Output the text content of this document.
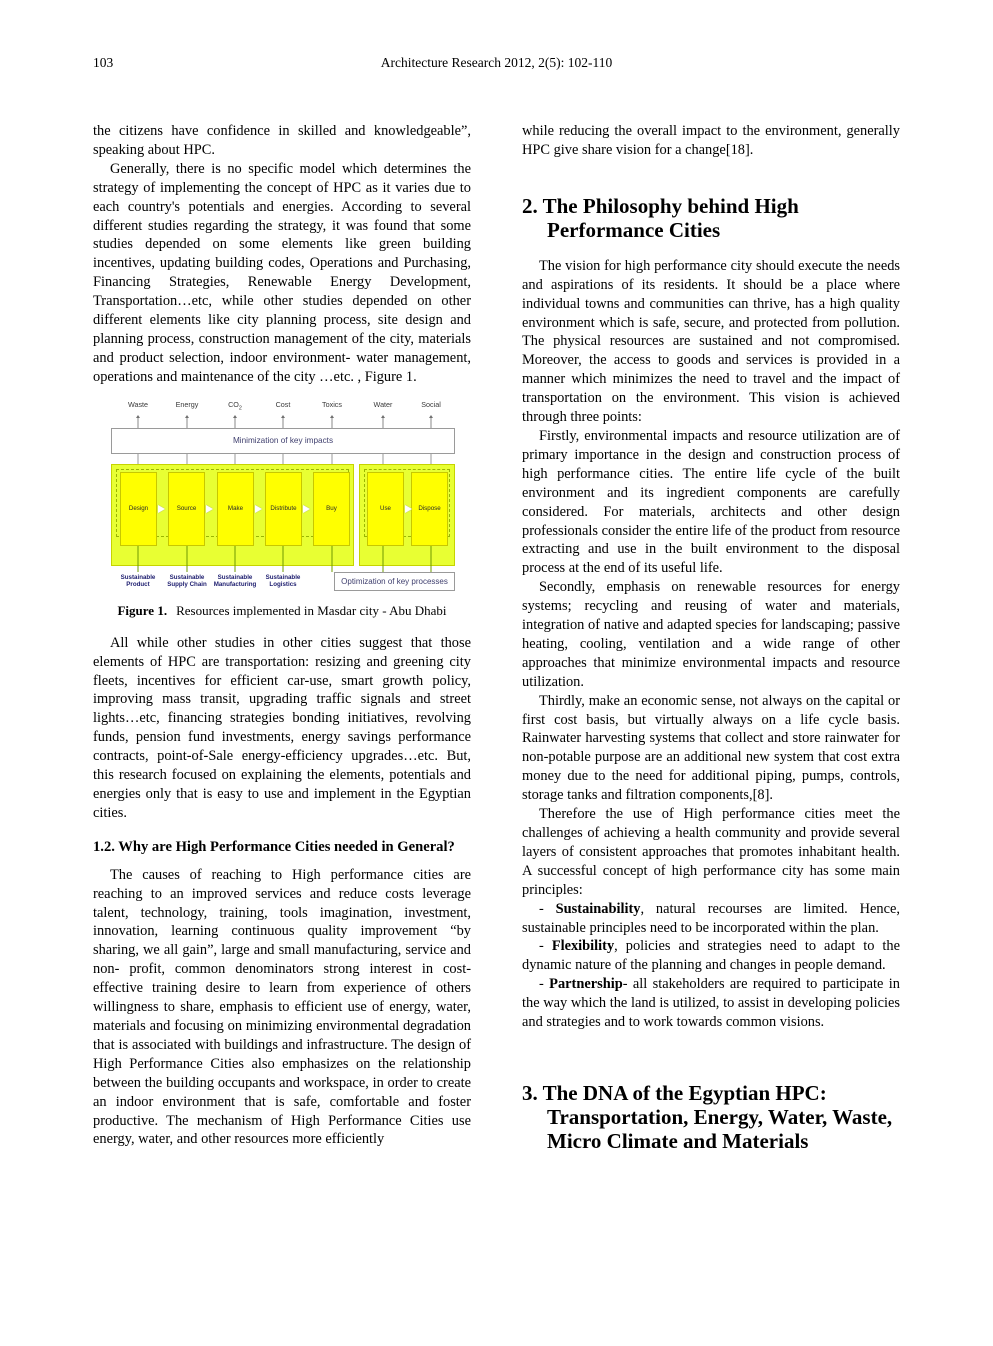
103	Architecture Research 2012, 2(5): 102-110

the citizens have confidence in skilled and knowledgeable”, speaking about HPC.

Generally, there is no specific model which determines the strategy of implementing the concept of HPC as it varies due to each country's potentials and energies. According to several different studies regarding the strategy, it was found that some studies depended on some elements like green building incentives, updating building codes, Operations and Purchasing, Financing Strategies, Renewable Energy Development, Transportation…etc, while other studies depended on other different elements like city planning process, site design and planning process, construction management of the city, materials and product selection, indoor environment- water management, operations and maintenance of the city …etc. , Figure 1.

Waste	Energy	$CO_2$	Cost	Toxics	Water	Social
Minimization of key impacts
Design	Source	Make	Distribute	Buy	Use	Dispose
Sustainable
Product
Sustainable
Supply Chain
Sustainable
Manufacturing
Sustainable
Logistics	Optimization of key processes
Figure 1. Resources implemented in Masdar city - Abu Dhabi

All while other studies in other cities suggest that those elements of HPC are transportation: resizing and greening city fleets, incentives for efficient car-use, smart growth policy, improving mass transit, upgrading traffic signals and street lights…etc, financing strategies bonding initiatives, revolving funds, pension fund investments, energy savings performance contracts, point-of-Sale energy-efficiency upgrades…etc. But, this research focused on explaining the elements, potentials and energies only that is easy to use and implement in the Egyptian cities.

1.2. Why are High Performance Cities needed in General?

The causes of reaching to High performance cities are reaching to an improved services and reduce costs leverage talent, technology, training, tools imagination, investment, innovation, learning continuous quality improvement “by sharing, we all gain”, large and small manufacturing, service and non- profit, common denominators strong interest in cost-effective training desire to learn from experience of others willingness to share, emphasis to efficient use of energy, water, materials and focusing on minimizing environmental degradation that is associated with buildings and infrastructure. The design of High Performance Cities also emphasizes on the relationship between the building occupants and workspace, in order to create an indoor environment that is safe, comfortable and foster productive. The mechanism of High Performance Cities use energy, water, and other resources more efficiently

while reducing the overall impact to the environment, generally HPC give share vision for a change[18].

2. The Philosophy behind High Performance Cities

The vision for high performance city should execute the needs and aspirations of its residents. It should be a place where individual towns and communities can thrive, has a high quality environment which is safe, secure, and protected from pollution. The physical resources are sustained and not compromised. Moreover, the access to goods and services is provided in a manner which minimizes the need to travel and the impact of transportation on the environment. This vision is achieved through three points:

Firstly, environmental impacts and resource utilization are of primary importance in the design and construction process of high performance cities. The entire life cycle of the built environment and its ingredient components are carefully considered. For materials, architects and other design professionals consider the entire life of the product from resource extracting and use in the built environment to the disposal process at the end of its useful life.

Secondly, emphasis on renewable resources for energy systems; recycling and reusing of water and materials, integration of native and adapted species for landscaping; passive heating, cooling, ventilation and a wide range of other approaches that minimize environmental impacts and resource utilization.

Thirdly, make an economic sense, not always on the capital or first cost basis, but virtually always on a life cycle basis. Rainwater harvesting systems that collect and store rainwater for non-potable purpose are an additional new system that cost extra money due to the need for additional piping, pumps, controls, storage tanks and filtration components,[8].

Therefore the use of High performance cities meet the challenges of achieving a health community and provide several layers of consistent approaches that promotes inhabitant health. A successful concept of high performance city has some main principles:

- Sustainability, natural recourses are limited. Hence, sustainable principles need to be incorporated within the plan.

- Flexibility, policies and strategies need to adapt to the dynamic nature of the planning and changes in people demand.

- Partnership- all stakeholders are required to participate in the way which the land is utilized, to assist in developing policies and strategies and to work towards common visions.

3. The DNA of the Egyptian HPC: Transportation, Energy, Water, Waste, Micro Climate and Materials
